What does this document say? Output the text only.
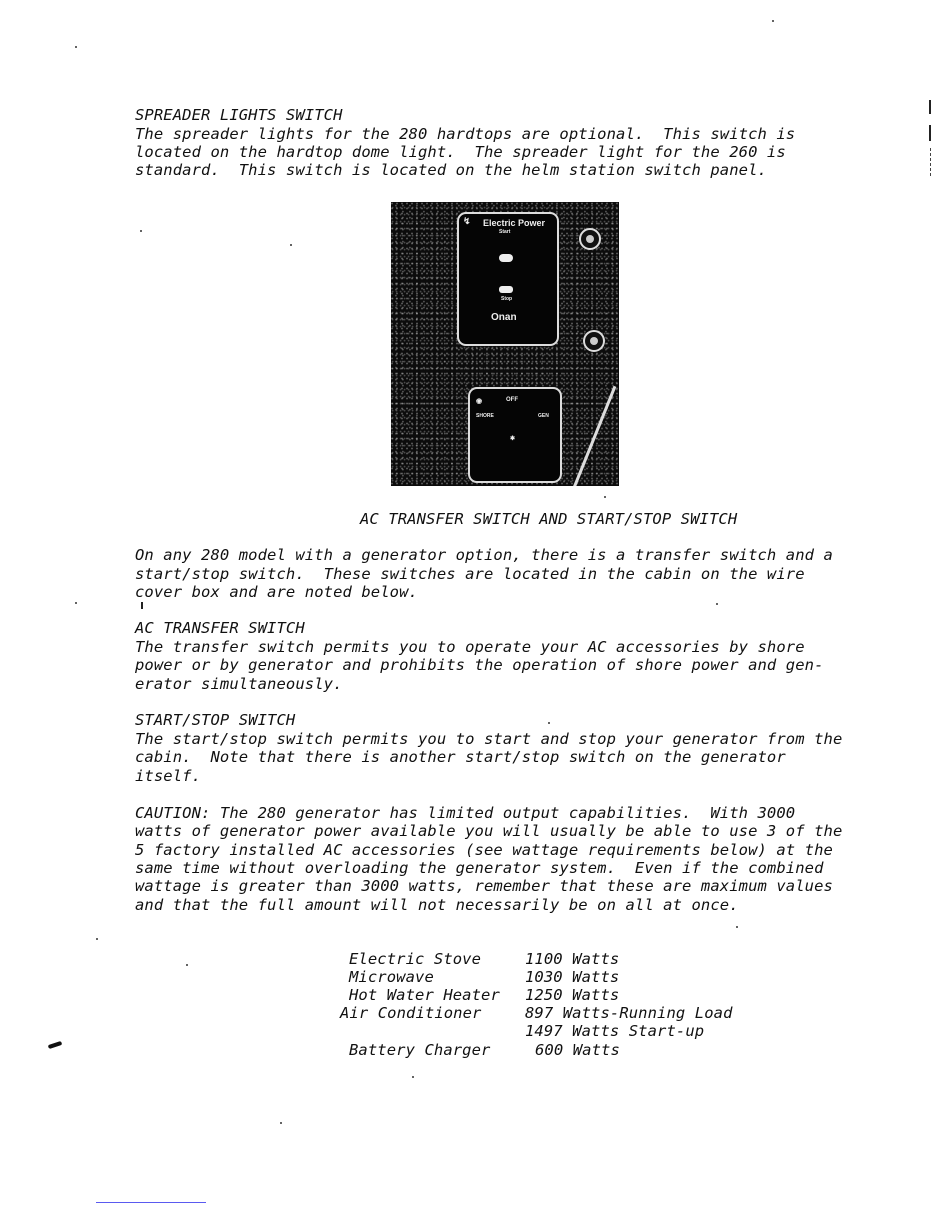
SPREADER LIGHTS SWITCH
The spreader lights for the 280 hardtops are optional.  This switch is
located on the hardtop dome light.  The spreader light for the 260 is
standard.  This switch is located on the helm station switch panel.
↯ Electric Power
Start
Stop
Onan
◉	OFF
SHORE	GEN
✱
AC TRANSFER SWITCH AND START/STOP SWITCH
On any 280 model with a generator option, there is a transfer switch and a
start/stop switch.  These switches are located in the cabin on the wire
cover box and are noted below.
AC TRANSFER SWITCH
The transfer switch permits you to operate your AC accessories by shore
power or by generator and prohibits the operation of shore power and gen-
erator simultaneously.
START/STOP SWITCH
The start/stop switch permits you to start and stop your generator from the
cabin.  Note that there is another start/stop switch on the generator
itself.
CAUTION: The 280 generator has limited output capabilities.  With 3000
watts of generator power available you will usually be able to use 3 of the
5 factory installed AC accessories (see wattage requirements below) at the
same time without overloading the generator system.  Even if the combined
wattage is greater than 3000 watts, remember that these are maximum values
and that the full amount will not necessarily be on all at once.
Electric Stove	1100 Watts
Microwave	1030 Watts
Hot Water Heater 1250 Watts
Air Conditioner	897 Watts-Running Load
1497 Watts Start-up
Battery Charger	600 Watts
